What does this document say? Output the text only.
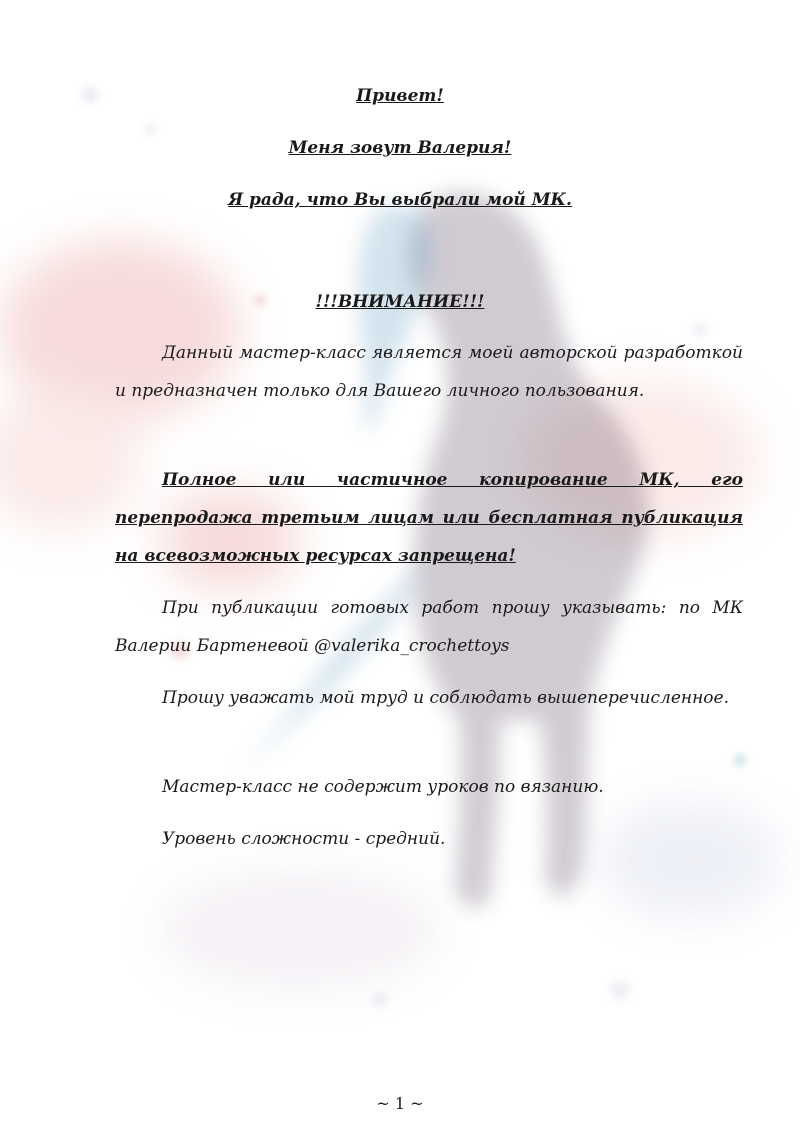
Привет!
Меня зовут Валерия!
Я рада, что Вы выбрали мой МК.
!!!ВНИМАНИЕ!!!

Данный мастер-класс является моей авторской разработкой и предназначен только для Вашего личного пользования.

Полное или частичное копирование МК, его перепродажа третьим лицам или бесплатная публикация на всевозможных ресурсах запрещена!

При публикации готовых работ прошу указывать: по МК Валерии Бартеневой @valerika_crochettoys

Прошу уважать мой труд и соблюдать вышеперечисленное.

Мастер-класс не содержит уроков по вязанию.

Уровень сложности - средний.

~ 1 ~
